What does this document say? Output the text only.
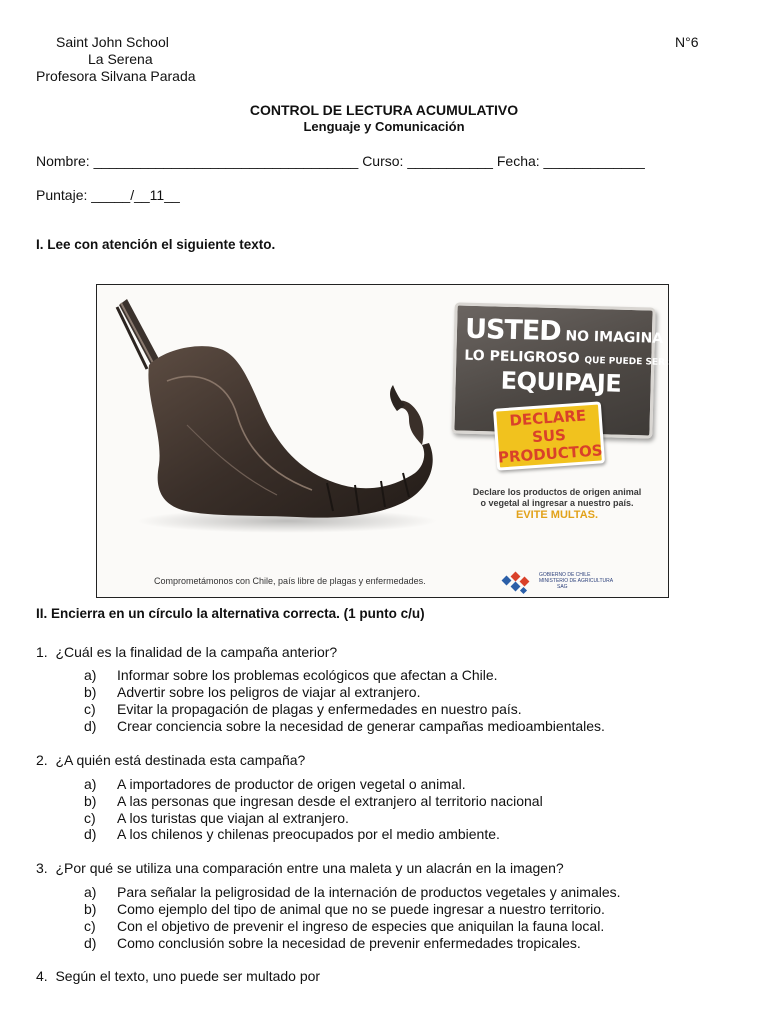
Saint John School
La Serena
Profesora Silvana Parada
N°6
CONTROL DE LECTURA ACUMULATIVO
Lenguaje y Comunicación
Nombre: __________________________________ Curso: ___________ Fecha: _____________
Puntaje: _____/__11__
I. Lee con atención el siguiente texto.
USTED NO IMAGINA
LO PELIGROSO QUE PUEDE SER SU
EQUIPAJE
DECLARE SUS
PRODUCTOS
Declare los productos de origen animal
o vegetal al ingresar a nuestro país.
EVITE MULTAS.
Comprometámonos con Chile, país libre de plagas y enfermedades.
GOBIERNO DE CHILE
MINISTERIO DE AGRICULTURA
SAG
II. Encierra en un círculo la alternativa correcta. (1 punto c/u)
1. ¿Cuál es la finalidad de la campaña anterior?
a) Informar sobre los problemas ecológicos que afectan a Chile.
b) Advertir sobre los peligros de viajar al extranjero.
c) Evitar la propagación de plagas y enfermedades en nuestro país.
d) Crear conciencia sobre la necesidad de generar campañas medioambientales.
2. ¿A quién está destinada esta campaña?
a) A importadores de productor de origen vegetal o animal.
b) A las personas que ingresan desde el extranjero al territorio nacional
c) A los turistas que viajan al extranjero.
d) A los chilenos y chilenas preocupados por el medio ambiente.
3. ¿Por qué se utiliza una comparación entre una maleta y un alacrán en la imagen?
a) Para señalar la peligrosidad de la internación de productos vegetales y animales.
b) Como ejemplo del tipo de animal que no se puede ingresar a nuestro territorio.
c) Con el objetivo de prevenir el ingreso de especies que aniquilan la fauna local.
d) Como conclusión sobre la necesidad de prevenir enfermedades tropicales.
4. Según el texto, uno puede ser multado por
